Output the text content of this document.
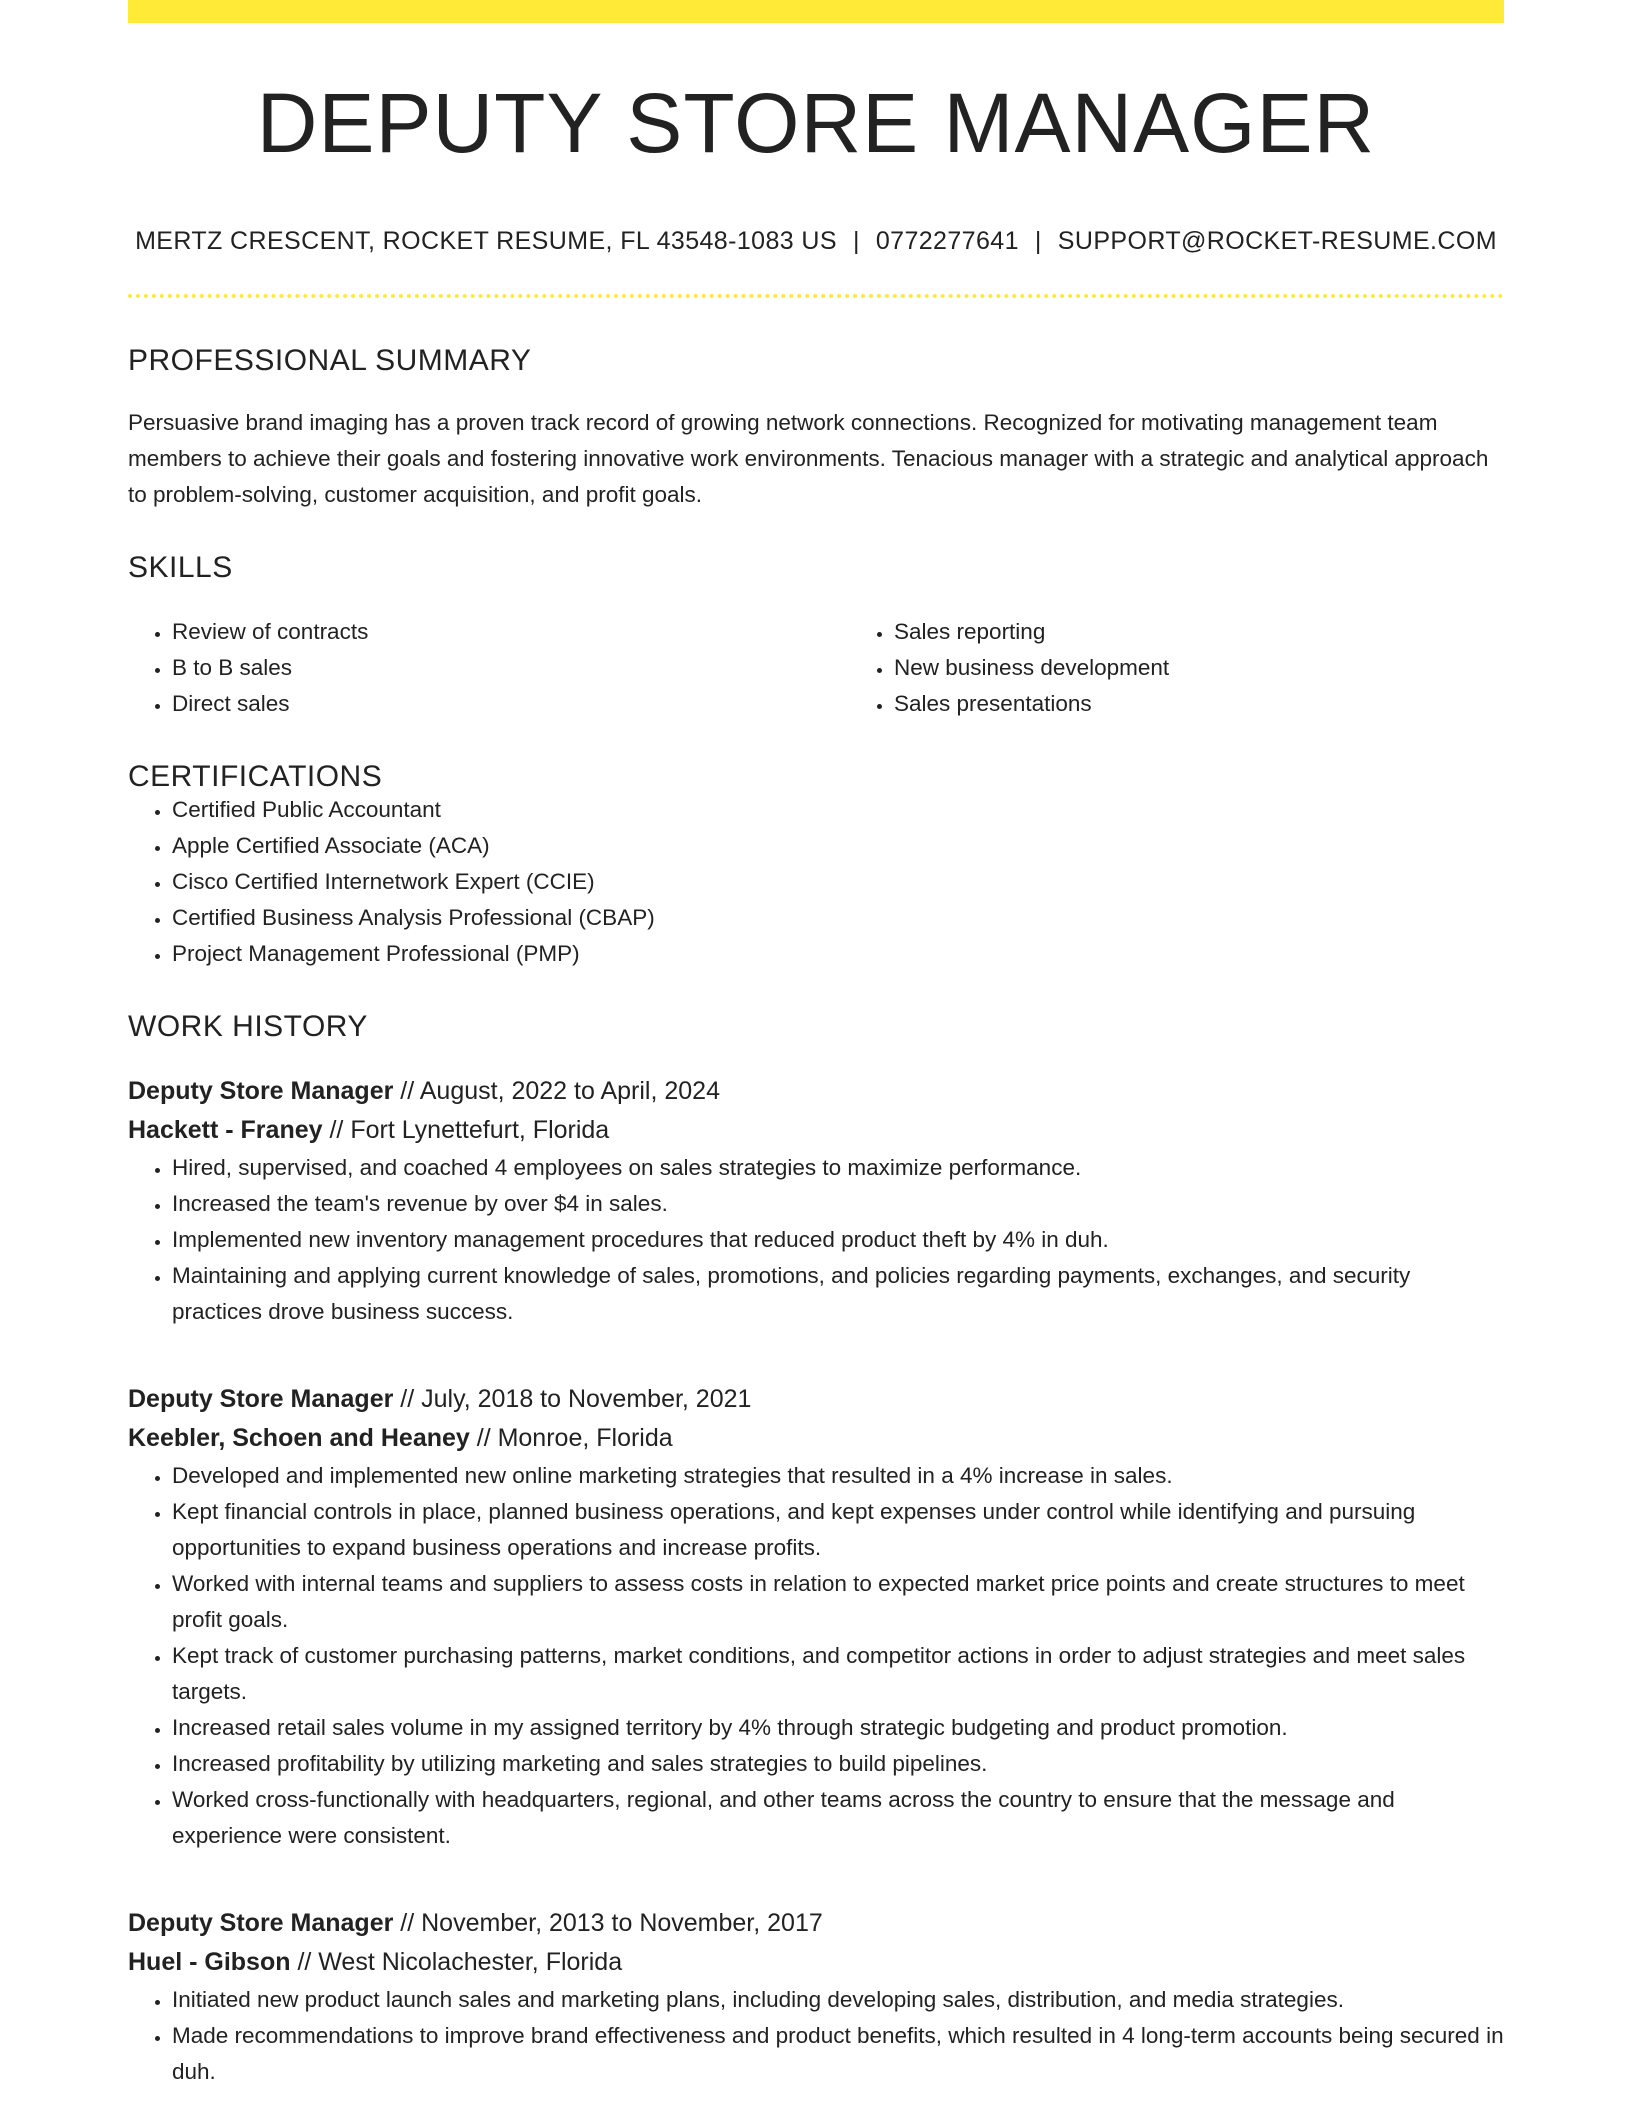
DEPUTY STORE MANAGER
MERTZ CRESCENT, ROCKET RESUME, FL 43548-1083 US | 0772277641 | SUPPORT@ROCKET-RESUME.COM
PROFESSIONAL SUMMARY

Persuasive brand imaging has a proven track record of growing network connections. Recognized for motivating management team members to achieve their goals and fostering innovative work environments. Tenacious manager with a strategic and analytical approach to problem-solving, customer acquisition, and profit goals.

SKILLS
• Review of contracts
• B to B sales
• Direct sales
• Sales reporting
• New business development
• Sales presentations
CERTIFICATIONS
• Certified Public Accountant
• Apple Certified Associate (ACA)
• Cisco Certified Internetwork Expert (CCIE)
• Certified Business Analysis Professional (CBAP)
• Project Management Professional (PMP)
WORK HISTORY
Deputy Store Manager // August, 2022 to April, 2024
Hackett - Franey // Fort Lynettefurt, Florida
• Hired, supervised, and coached 4 employees on sales strategies to maximize performance.
• Increased the team's revenue by over $4 in sales.
• Implemented new inventory management procedures that reduced product theft by 4% in duh.
• Maintaining and applying current knowledge of sales, promotions, and policies regarding payments, exchanges, and security practices drove business success.
Deputy Store Manager // July, 2018 to November, 2021
Keebler, Schoen and Heaney // Monroe, Florida
• Developed and implemented new online marketing strategies that resulted in a 4% increase in sales.
• Kept financial controls in place, planned business operations, and kept expenses under control while identifying and pursuing opportunities to expand business operations and increase profits.
• Worked with internal teams and suppliers to assess costs in relation to expected market price points and create structures to meet profit goals.
• Kept track of customer purchasing patterns, market conditions, and competitor actions in order to adjust strategies and meet sales targets.
• Increased retail sales volume in my assigned territory by 4% through strategic budgeting and product promotion.
• Increased profitability by utilizing marketing and sales strategies to build pipelines.
• Worked cross-functionally with headquarters, regional, and other teams across the country to ensure that the message and experience were consistent.
Deputy Store Manager // November, 2013 to November, 2017
Huel - Gibson // West Nicolachester, Florida
• Initiated new product launch sales and marketing plans, including developing sales, distribution, and media strategies.
• Made recommendations to improve brand effectiveness and product benefits, which resulted in 4 long-term accounts being secured in duh.
